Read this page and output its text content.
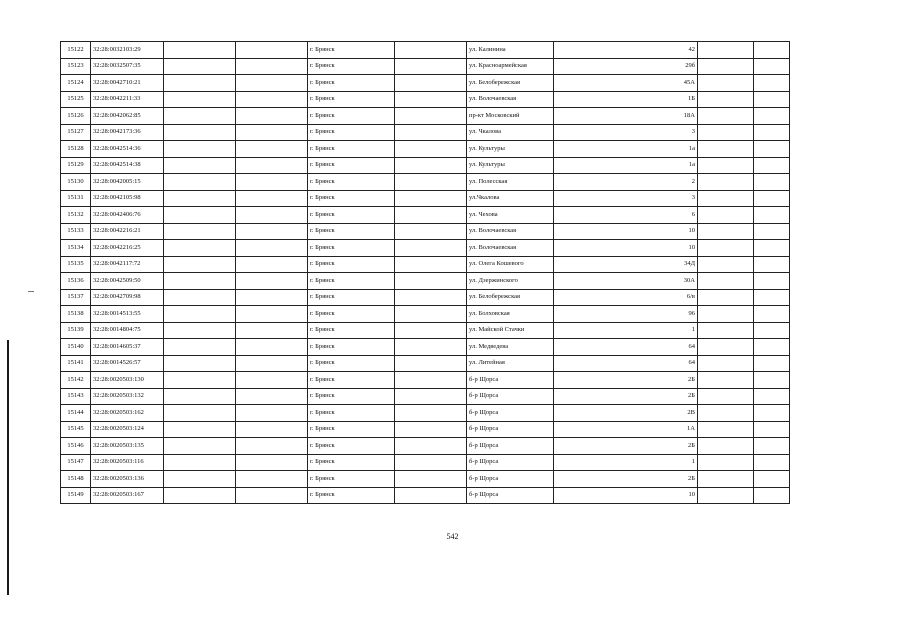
15122	32:28:0032103:29			г. Брянск		ул. Калинина	42		
15123	32:28:0032507:35			г. Брянск		ул. Красноармейская	29б		
15124	32:28:0042710:21			г. Брянск		ул. Белобережская	45А		
15125	32:28:0042211:33			г. Брянск		ул. Волочаевская	1Б		
15126	32:28:0042062:85			г. Брянск		пр-кт Московский	18А		
15127	32:28:0042173:36			г. Брянск		ул. Чкалова	3		
15128	32:28:0042514:36			г. Брянск		ул. Культуры	1а		
15129	32:28:0042514:38			г. Брянск		ул. Культуры	1а		
15130	32:28:0042005:15			г. Брянск		ул. Полесская	2		
15131	32:28:0042105:98			г. Брянск		ул.Чкалова	3		
15132	32:28:0042406:76			г. Брянск		ул. Чехова	6		
15133	32:28:0042216:21			г. Брянск		ул. Волочаевская	10		
15134	32:28:0042216:25			г. Брянск		ул. Волочаевская	10		
15135	32:28:0042117:72			г. Брянск		ул. Олега Кошевого	34Д		
15136	32:28:0042509:50			г. Брянск		ул. Дзержинского	30А		
15137	32:28:0042709:98			г. Брянск		ул. Белобережская	6/в		
15138	32:28:0014513:55			г. Брянск		ул. Болховская	96		
15139	32:28:0014804:75			г. Брянск		ул. Майской Стачки	1		
15140	32:28:0014605:37			г. Брянск		ул. Медведева	64		
15141	32:28:0014526:57			г. Брянск		ул. Литейная	64		
15142	32:28:0020503:130			г. Брянск		б-р Щорса	2Б		
15143	32:28:0020503:132			г. Брянск		б-р Щорса	2Б		
15144	32:28:0020503:162			г. Брянск		б-р Щорса	2В		
15145	32:28:0020503:124			г. Брянск		б-р Щорса	1А		
15146	32:28:0020503:135			г. Брянск		б-р Щорса	2Б		
15147	32:28:0020503:116			г. Брянск		б-р Щорса	1		
15148	32:28:0020503:136			г. Брянск		б-р Щорса	2Б		
15149	32:28:0020503:167			г. Брянск		б-р Щорса	10		
542
